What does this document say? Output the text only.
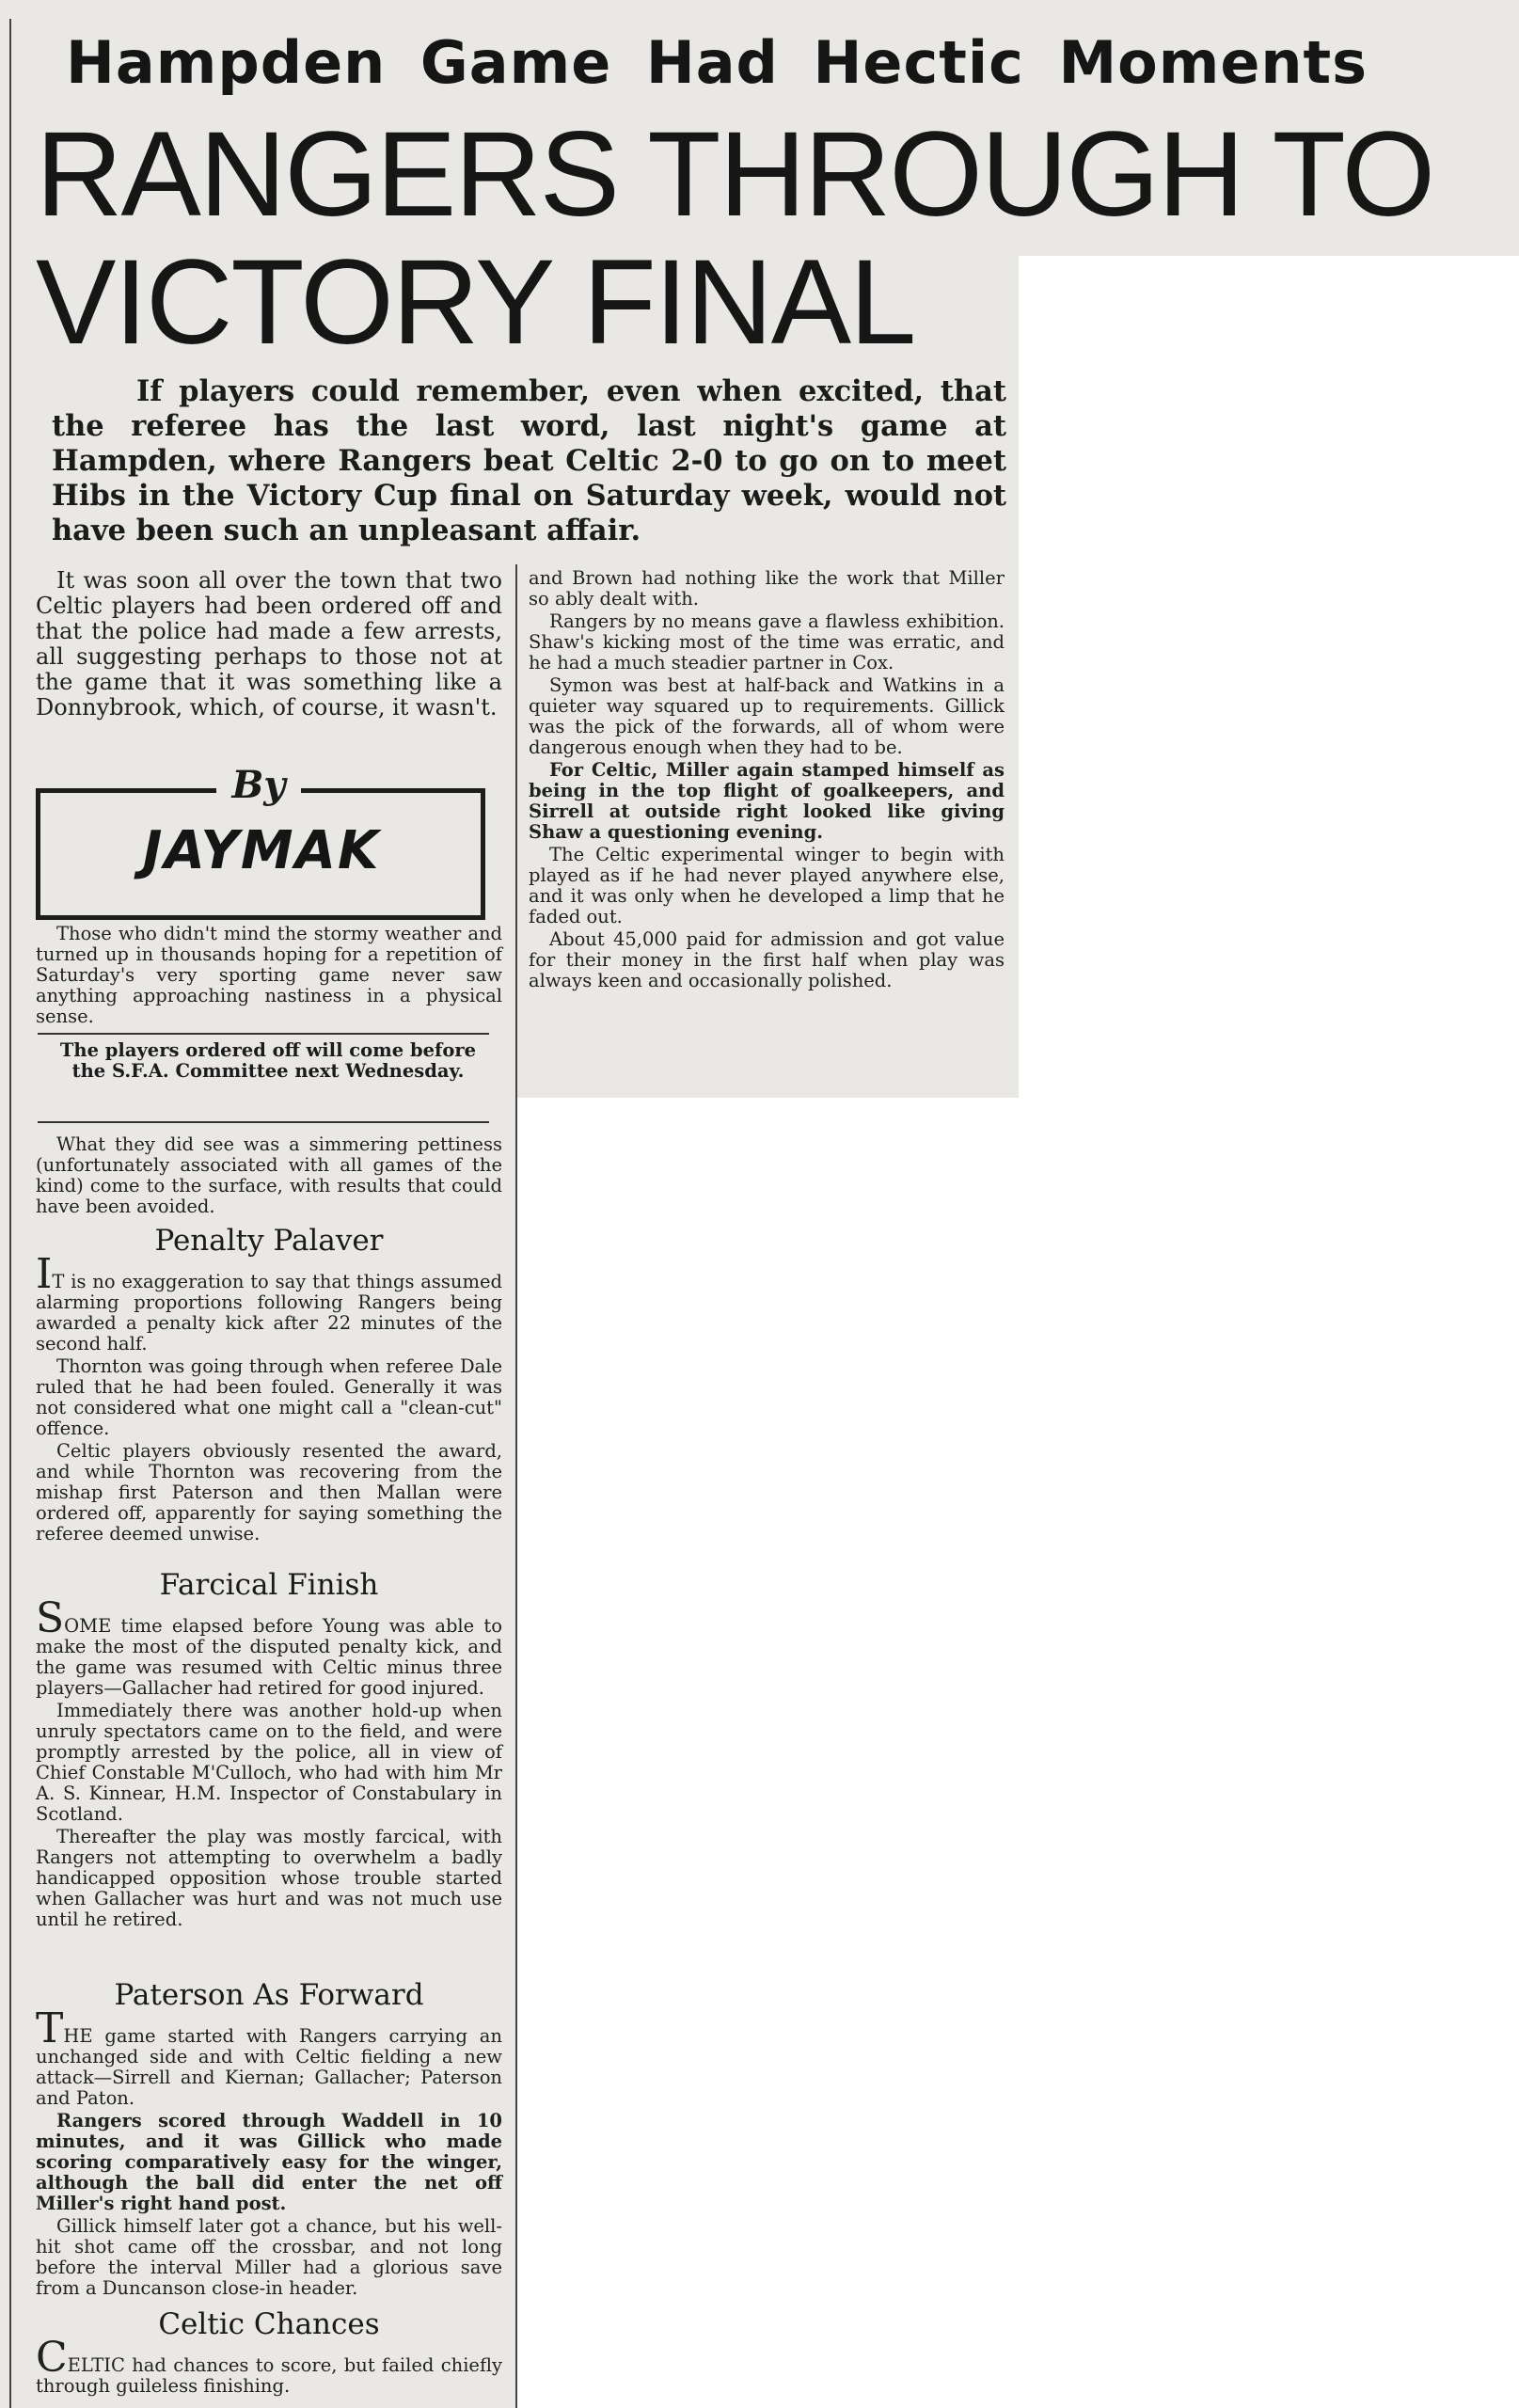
Hampden Game Had Hectic Moments
RANGERS THROUGH TO
VICTORY FINAL
If players could remember, even when excited, that the referee has the last word, last night's game at Hampden, where Rangers beat Celtic 2-0 to go on to meet Hibs in the Victory Cup final on Saturday week, would not have been such an unpleasant affair.

It was soon all over the town that two Celtic players had been ordered off and that the police had made a few arrests, all suggesting perhaps to those not at the game that it was something like a Donnybrook, which, of course, it wasn't.

By
JAYMAK

Those who didn't mind the stormy weather and turned up in thousands hoping for a repetition of Saturday's very sporting game never saw anything approaching nastiness in a physical sense.

The players ordered off will come before the S.F.A. Committee next Wednesday.

What they did see was a simmering pettiness (unfortunately associated with all games of the kind) come to the surface, with results that could have been avoided.

Penalty Palaver

IT is no exaggeration to say that things assumed alarming proportions following Rangers being awarded a penalty kick after 22 minutes of the second half.

Thornton was going through when referee Dale ruled that he had been fouled. Generally it was not considered what one might call a "clean-cut" offence.

Celtic players obviously resented the award, and while Thornton was recovering from the mishap first Paterson and then Mallan were ordered off, apparently for saying something the referee deemed unwise.

Farcical Finish

SOME time elapsed before Young was able to make the most of the disputed penalty kick, and the game was resumed with Celtic minus three players—Gallacher had retired for good injured.

Immediately there was another hold-up when unruly spectators came on to the field, and were promptly arrested by the police, all in view of Chief Constable M'Culloch, who had with him Mr A. S. Kinnear, H.M. Inspector of Constabulary in Scotland.

Thereafter the play was mostly farcical, with Rangers not attempting to overwhelm a badly handicapped opposition whose trouble started when Gallacher was hurt and was not much use until he retired.

Paterson As Forward

THE game started with Rangers carrying an unchanged side and with Celtic fielding a new attack—Sirrell and Kiernan; Gallacher; Paterson and Paton.

Rangers scored through Waddell in 10 minutes, and it was Gillick who made scoring comparatively easy for the winger, although the ball did enter the net off Miller's right hand post.

Gillick himself later got a chance, but his well-hit shot came off the crossbar, and not long before the interval Miller had a glorious save from a Duncanson close-in header.

Celtic Chances

CELTIC had chances to score, but failed chiefly through guileless finishing.

and Brown had nothing like the work that Miller so ably dealt with.

Rangers by no means gave a flawless exhibition. Shaw's kicking most of the time was erratic, and he had a much steadier partner in Cox.

Symon was best at half-back and Watkins in a quieter way squared up to requirements. Gillick was the pick of the forwards, all of whom were dangerous enough when they had to be.

For Celtic, Miller again stamped himself as being in the top flight of goalkeepers, and Sirrell at outside right looked like giving Shaw a questioning evening.

The Celtic experimental winger to begin with played as if he had never played anywhere else, and it was only when he developed a limp that he faded out.

About 45,000 paid for admission and got value for their money in the first half when play was always keen and occasionally polished.
